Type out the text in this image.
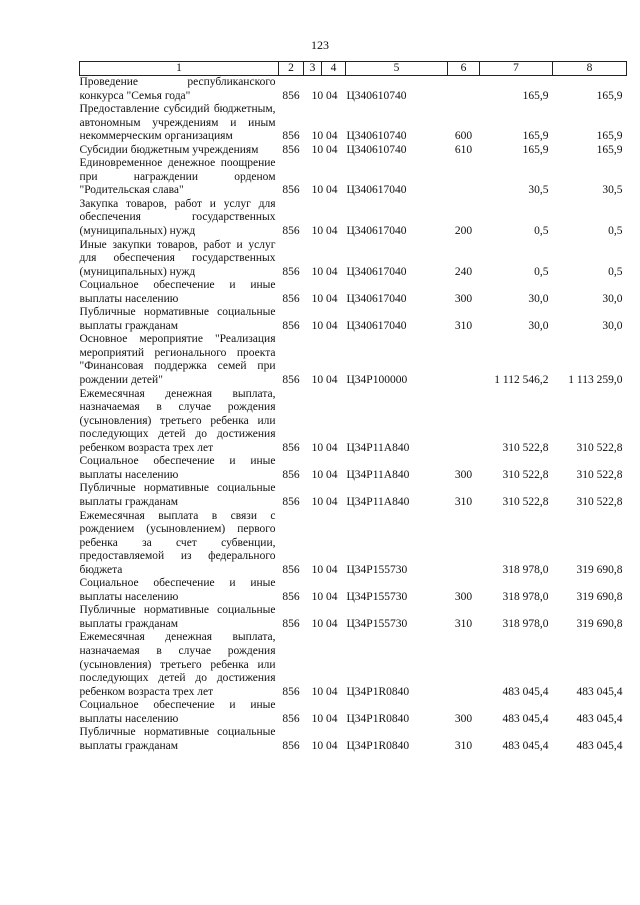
123
1	2	3	4	5	6	7	8
Проведение республиканского конкурса "Семья года"	856	10 04		Ц340610740		165,9	165,9
Предоставление субсидий бюджетным, автономным учреждениям и иным некоммерческим организациям	856	10 04		Ц340610740	600	165,9	165,9
Субсидии бюджетным учреждениям	856	10 04		Ц340610740	610	165,9	165,9
Единовременное денежное поощрение при награждении орденом "Родительская слава"	856	10 04		Ц340617040		30,5	30,5
Закупка товаров, работ и услуг для обеспечения государственных (муниципальных) нужд	856	10 04		Ц340617040	200	0,5	0,5
Иные закупки товаров, работ и услуг для обеспечения государственных (муниципальных) нужд	856	10 04		Ц340617040	240	0,5	0,5
Социальное обеспечение и иные выплаты населению	856	10 04		Ц340617040	300	30,0	30,0
Публичные нормативные социальные выплаты гражданам	856	10 04		Ц340617040	310	30,0	30,0
Основное мероприятие "Реализация мероприятий регионального проекта "Финансовая поддержка семей при рождении детей"	856	10 04		Ц34Р100000		1 112 546,2	1 113 259,0
Ежемесячная денежная выплата, назначаемая в случае рождения (усыновления) третьего ребенка или последующих детей до достижения ребенком возраста трех лет	856	10 04		Ц34Р11А840		310 522,8	310 522,8
Социальное обеспечение и иные выплаты населению	856	10 04		Ц34Р11А840	300	310 522,8	310 522,8
Публичные нормативные социальные выплаты гражданам	856	10 04		Ц34Р11А840	310	310 522,8	310 522,8
Ежемесячная выплата в связи с рождением (усыновлением) первого ребенка за счет субвенции, предоставляемой из федерального бюджета	856	10 04		Ц34Р155730		318 978,0	319 690,8
Социальное обеспечение и иные выплаты населению	856	10 04		Ц34Р155730	300	318 978,0	319 690,8
Публичные нормативные социальные выплаты гражданам	856	10 04		Ц34Р155730	310	318 978,0	319 690,8
Ежемесячная денежная выплата, назначаемая в случае рождения (усыновления) третьего ребенка или последующих детей до достижения ребенком возраста трех лет	856	10 04		Ц34Р1R0840		483 045,4	483 045,4
Социальное обеспечение и иные выплаты населению	856	10 04		Ц34Р1R0840	300	483 045,4	483 045,4
Публичные нормативные социальные выплаты гражданам	856	10 04		Ц34Р1R0840	310	483 045,4	483 045,4
